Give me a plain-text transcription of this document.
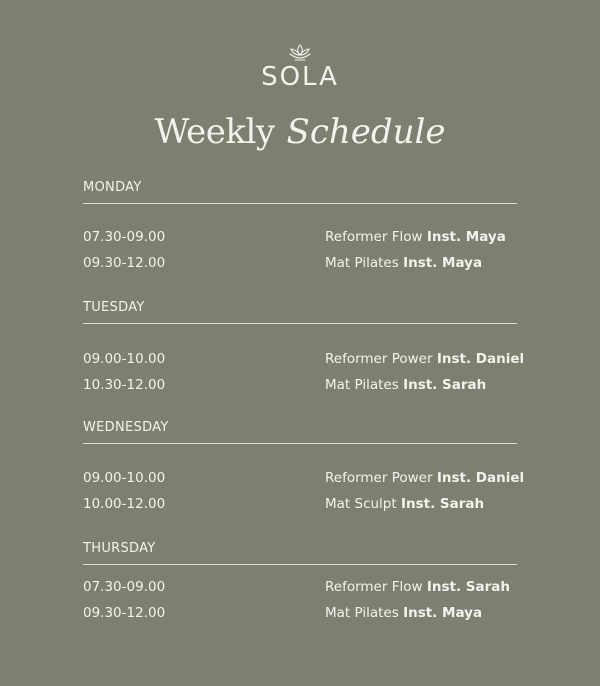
SOLA
Weekly Schedule
MONDAY
07.30-09.00	Reformer Flow Inst. Maya
09.30-12.00	Mat Pilates Inst. Maya
TUESDAY
09.00-10.00	Reformer Power Inst. Daniel
10.30-12.00	Mat Pilates Inst. Sarah
WEDNESDAY
09.00-10.00	Reformer Power Inst. Daniel
10.00-12.00	Mat Sculpt Inst. Sarah
THURSDAY
07.30-09.00	Reformer Flow Inst. Sarah
09.30-12.00	Mat Pilates Inst. Maya
